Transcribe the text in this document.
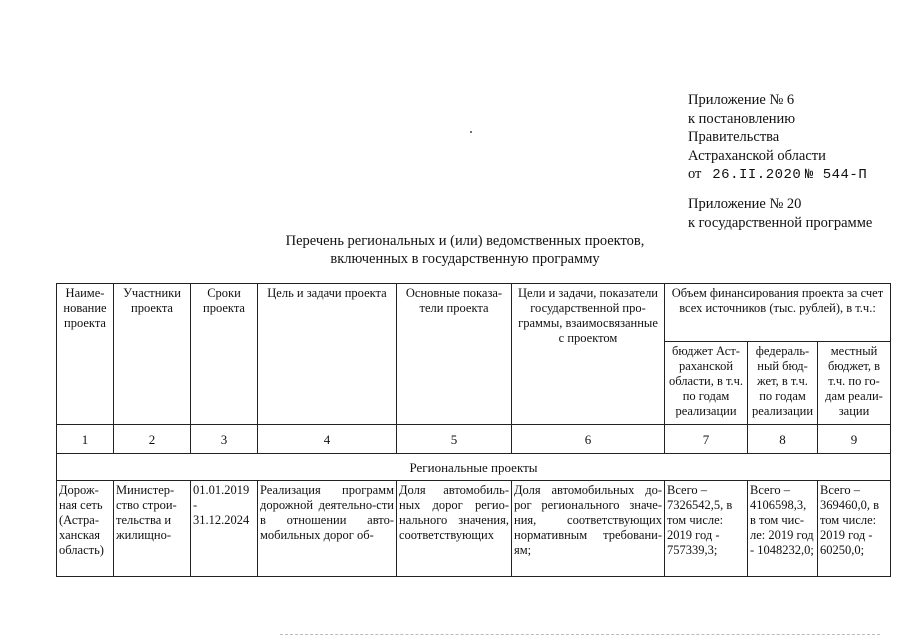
Приложение № 6
к постановлению
Правительства
Астраханской области
от 26.II.2020 № 544-П
Приложение № 20
к государственной программе
Перечень региональных и (или) ведомственных проектов,
включенных в государственную программу
Наиме-нование проекта	Участники проекта	Сроки проекта	Цель и задачи проекта	Основные показа-тели проекта	Цели и задачи, показатели государственной про-граммы, взаимосвязанные с проектом	Объем финансирования проекта за счет всех источников (тыс. рублей), в т.ч.:		
						бюджет Аст-раханской области, в т.ч. по годам реализации	федераль-ный бюд-жет, в т.ч. по годам реализации	местный бюджет, в т.ч. по го-дам реали-зации
1	2	3	4	5	6	7	8	9
Региональные проекты								
Дорож-ная сеть (Астра-ханская область)	Министер-ство строи-тельства и жилищно-	01.01.2019 - 31.12.2024	Реализация программ дорожной деятельно-сти в отношении авто-мобильных дорог об-	Доля автомобиль-ных дорог регио-нального значения, соответствующих	Доля автомобильных до-рог регионального значе-ния, соответствующих нормативным требовани-ям;	Всего – 7326542,5, в том числе: 2019 год - 757339,3;	Всего – 4106598,3, в том чис-ле: 2019 год - 1048232,0;	Всего – 369460,0, в том числе: 2019 год - 60250,0;
